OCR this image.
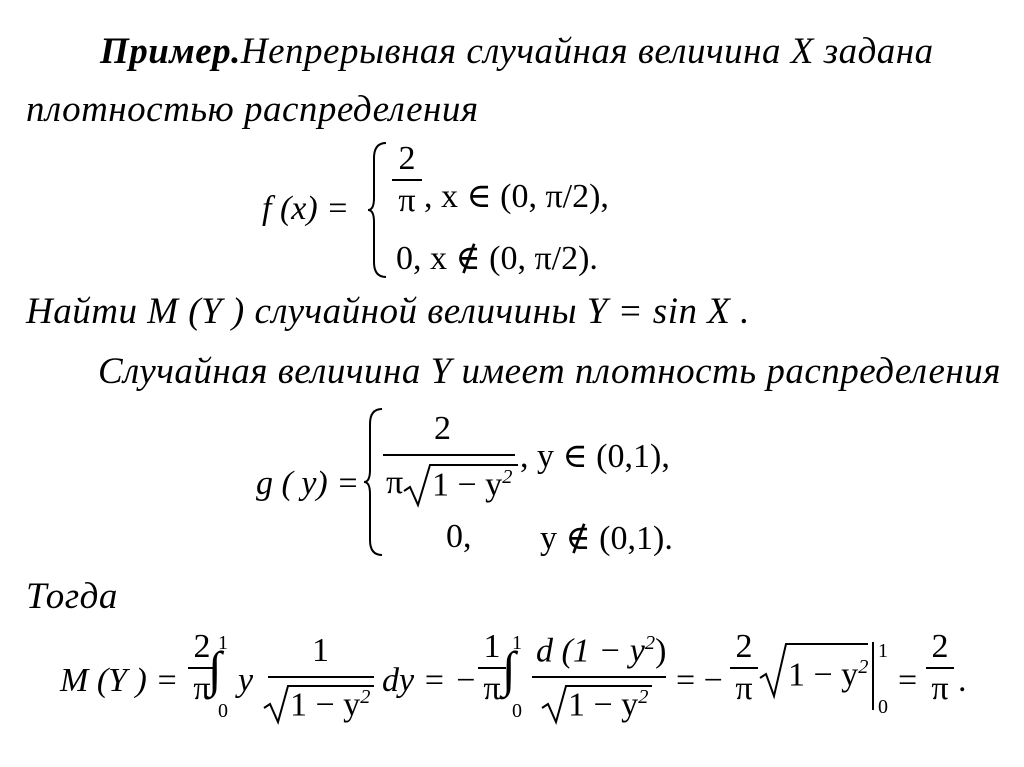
Пример.Непрерывная случайная величина X задана
плотностью распределения
f (x) =
2
π , x ∈ (0, π/2),
0, x ∉ (0, π/2).
Найти M (Y ) случайной величины Y = sin X .
Случайная величина Y имеет плотность распределения
g ( y) =
2
π $1 - y^2$
, y ∈ (0,1),
0, y ∉ (0,1).
Тогда
M (Y ) =
2
π
1
∫
0
y
1
$1 - y^2$ dy = −
1
π
1
∫
0
d $(1 - y^2)$
$1 - y^2$ = −
2
π $1 - y^2$
1
0
=
2
π .
